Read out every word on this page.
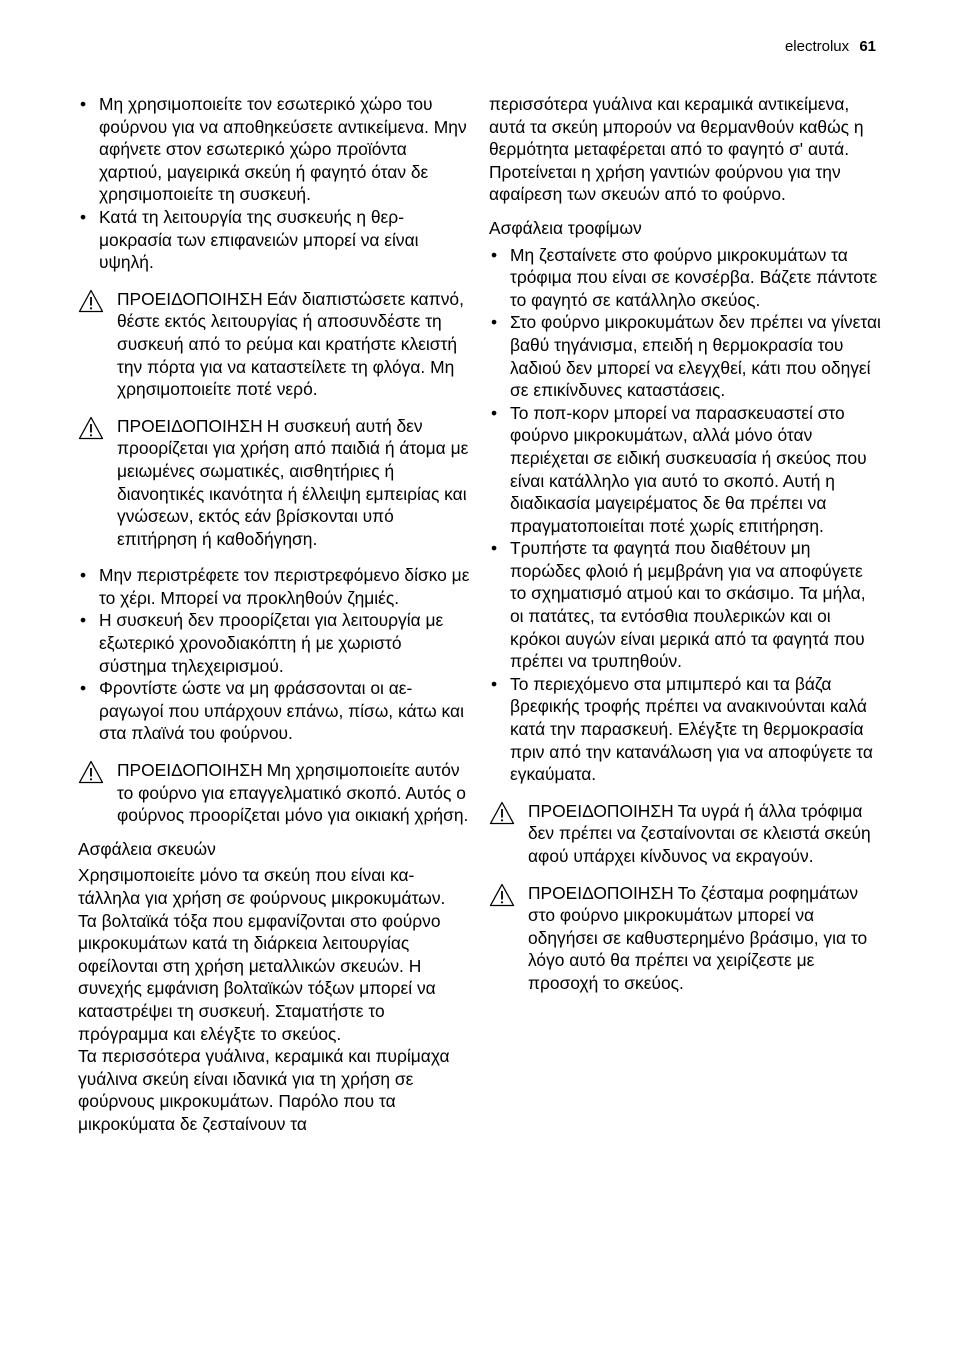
electrolux 61
• Μη χρησιμοποιείτε τον εσωτερικό χώρο του φούρνου για να αποθηκεύσετε αντικείμενα. Μην αφήνετε στον εσωτερικό χώρο προϊόντα χαρτιού, μαγειρικά σκεύη ή φαγητό όταν δε χρησιμοποιείτε τη συσκευή.
• Κατά τη λειτουργία της συσκευής η θερμοκρασία των επιφανειών μπορεί να είναι υψηλή.
ΠΡΟΕΙΔΟΠΟΙΗΣΗ Εάν διαπιστώσετε καπνό, θέστε εκτός λειτουργίας ή αποσυνδέστε τη συσκευή από το ρεύμα και κρατήστε κλειστή την πόρτα για να καταστείλετε τη φλόγα. Μη χρησιμοποιείτε ποτέ νερό.
ΠΡΟΕΙΔΟΠΟΙΗΣΗ Η συσκευή αυτή δεν προορίζεται για χρήση από παιδιά ή άτομα με μειωμένες σωματικές, αισθητήριες ή διανοητικές ικανότητα ή έλλειψη εμπειρίας και γνώσεων, εκτός εάν βρίσκονται υπό επιτήρηση ή καθοδήγηση.
• Μην περιστρέφετε τον περιστρεφόμενο δίσκο με το χέρι. Μπορεί να προκληθούν ζημιές.
• Η συσκευή δεν προορίζεται για λειτουργία με εξωτερικό χρονοδιακόπτη ή με χωριστό σύστημα τηλεχειρισμού.
• Φροντίστε ώστε να μη φράσσονται οι αεραγωγοί που υπάρχουν επάνω, πίσω, κάτω και στα πλαϊνά του φούρνου.
ΠΡΟΕΙΔΟΠΟΙΗΣΗ Μη χρησιμοποιείτε αυτόν το φούρνο για επαγγελματικό σκοπό. Αυτός ο φούρνος προορίζεται μόνο για οικιακή χρήση.
Ασφάλεια σκευών

Χρησιμοποιείτε μόνο τα σκεύη που είναι κατάλληλα για χρήση σε φούρνους μικροκυμάτων.

Τα βολταϊκά τόξα που εμφανίζονται στο φούρνο μικροκυμάτων κατά τη διάρκεια λειτουργίας οφείλονται στη χρήση μεταλλικών σκευών. Η συνεχής εμφάνιση βολταϊκών τόξων μπορεί να καταστρέψει τη συσκευή. Σταματήστε το πρόγραμμα και ελέγξτε το σκεύος.

Τα περισσότερα γυάλινα, κεραμικά και πυρίμαχα γυάλινα σκεύη είναι ιδανικά για τη χρήση σε φούρνους μικροκυμάτων. Παρόλο που τα μικροκύματα δε ζεσταίνουν τα

περισσότερα γυάλινα και κεραμικά αντικείμενα, αυτά τα σκεύη μπορούν να θερμανθούν καθώς η θερμότητα μεταφέρεται από το φαγητό σ' αυτά. Προτείνεται η χρήση γαντιών φούρνου για την αφαίρεση των σκευών από το φούρνο.

Ασφάλεια τροφίμων
• Μη ζεσταίνετε στο φούρνο μικροκυμάτων τα τρόφιμα που είναι σε κονσέρβα. Βάζετε πάντοτε το φαγητό σε κατάλληλο σκεύος.
• Στο φούρνο μικροκυμάτων δεν πρέπει να γίνεται βαθύ τηγάνισμα, επειδή η θερμοκρασία του λαδιού δεν μπορεί να ελεγχθεί, κάτι που οδηγεί σε επικίνδυνες καταστάσεις.
• Το ποπ-κορν μπορεί να παρασκευαστεί στο φούρνο μικροκυμάτων, αλλά μόνο όταν περιέχεται σε ειδική συσκευασία ή σκεύος που είναι κατάλληλο για αυτό το σκοπό. Αυτή η διαδικασία μαγειρέματος δε θα πρέπει να πραγματοποιείται ποτέ χωρίς επιτήρηση.
• Τρυπήστε τα φαγητά που διαθέτουν μη πορώδες φλοιό ή μεμβράνη για να αποφύγετε το σχηματισμό ατμού και το σκάσιμο. Τα μήλα, οι πατάτες, τα εντόσθια πουλερικών και οι κρόκοι αυγών είναι μερικά από τα φαγητά που πρέπει να τρυπηθούν.
• Το περιεχόμενο στα μπιμπερό και τα βάζα βρεφικής τροφής πρέπει να ανακινούνται καλά κατά την παρασκευή. Ελέγξτε τη θερμοκρασία πριν από την κατανάλωση για να αποφύγετε τα εγκαύματα.
ΠΡΟΕΙΔΟΠΟΙΗΣΗ Τα υγρά ή άλλα τρόφιμα δεν πρέπει να ζεσταίνονται σε κλειστά σκεύη αφού υπάρχει κίνδυνος να εκραγούν.
ΠΡΟΕΙΔΟΠΟΙΗΣΗ Το ζέσταμα ροφημάτων στο φούρνο μικροκυμάτων μπορεί να οδηγήσει σε καθυστερημένο βράσιμο, για το λόγο αυτό θα πρέπει να χειρίζεστε με προσοχή το σκεύος.
